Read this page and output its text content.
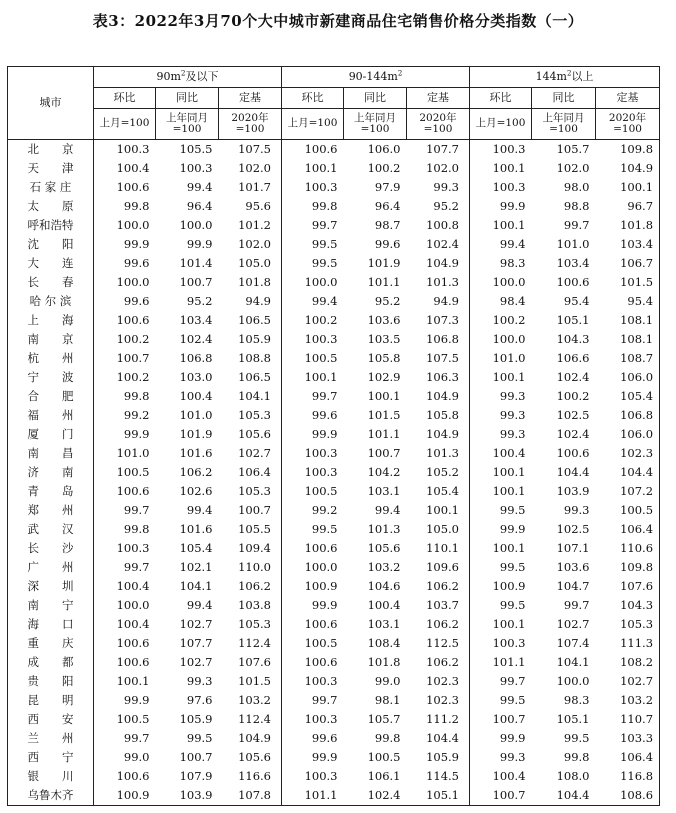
表3：2022年3月70个大中城市新建商品住宅销售价格分类指数（一）
城市	$90m^2$及以下			$90-144m^2$			$144m^2$以上		
	环比	同比	定基	环比	同比	定基	环比	同比	定基
	上月=100	上年同月=100	2020年=100	上月=100	上年同月=100	2020年=100	上月=100	上年同月=100	2020年=100
北　　京	100.3	105.5	107.5	100.6	106.0	107.7	100.3	105.7	109.8
天　　津	100.4	100.3	102.0	100.1	100.2	102.0	100.1	102.0	104.9
石 家 庄	100.6	99.4	101.7	100.3	97.9	99.3	100.3	98.0	100.1
太　　原	99.8	96.4	95.6	99.8	96.4	95.2	99.9	98.8	96.7
呼和浩特	100.0	100.0	101.2	99.7	98.7	100.8	100.1	99.7	101.8
沈　　阳	99.9	99.9	102.0	99.5	99.6	102.4	99.4	101.0	103.4
大　　连	99.6	101.4	105.0	99.5	101.9	104.9	98.3	103.4	106.7
长　　春	100.0	100.7	101.8	100.0	101.1	101.3	100.0	100.6	101.5
哈 尔 滨	99.6	95.2	94.9	99.4	95.2	94.9	98.4	95.4	95.4
上　　海	100.6	103.4	106.5	100.2	103.6	107.3	100.2	105.1	108.1
南　　京	100.2	102.4	105.9	100.3	103.5	106.8	100.0	104.3	108.1
杭　　州	100.7	106.8	108.8	100.5	105.8	107.5	101.0	106.6	108.7
宁　　波	100.2	103.0	106.5	100.1	102.9	106.3	100.1	102.4	106.0
合　　肥	99.8	100.4	104.1	99.7	100.1	104.9	99.3	100.2	105.4
福　　州	99.2	101.0	105.3	99.6	101.5	105.8	99.3	102.5	106.8
厦　　门	99.9	101.9	105.6	99.9	101.1	104.9	99.3	102.4	106.0
南　　昌	101.0	101.6	102.7	100.3	100.7	101.3	100.4	100.6	102.3
济　　南	100.5	106.2	106.4	100.3	104.2	105.2	100.1	104.4	104.4
青　　岛	100.6	102.6	105.3	100.5	103.1	105.4	100.1	103.9	107.2
郑　　州	99.7	99.4	100.7	99.2	99.4	100.1	99.5	99.3	100.5
武　　汉	99.8	101.6	105.5	99.5	101.3	105.0	99.9	102.5	106.4
长　　沙	100.3	105.4	109.4	100.6	105.6	110.1	100.1	107.1	110.6
广　　州	99.7	102.1	110.0	100.0	103.2	109.6	99.5	103.6	109.8
深　　圳	100.4	104.1	106.2	100.9	104.6	106.2	100.9	104.7	107.6
南　　宁	100.0	99.4	103.8	99.9	100.4	103.7	99.5	99.7	104.3
海　　口	100.4	102.7	105.3	100.6	103.1	106.2	100.1	102.7	105.3
重　　庆	100.6	107.7	112.4	100.5	108.4	112.5	100.3	107.4	111.3
成　　都	100.6	102.7	107.6	100.6	101.8	106.2	101.1	104.1	108.2
贵　　阳	100.1	99.3	101.5	100.3	99.0	102.3	99.7	100.0	102.7
昆　　明	99.9	97.6	103.2	99.7	98.1	102.3	99.5	98.3	103.2
西　　安	100.5	105.9	112.4	100.3	105.7	111.2	100.7	105.1	110.7
兰　　州	99.7	99.5	104.9	99.6	99.8	104.4	99.9	99.5	103.3
西　　宁	99.0	100.7	105.6	99.9	100.5	105.9	99.3	99.8	106.4
银　　川	100.6	107.9	116.6	100.3	106.1	114.5	100.4	108.0	116.8
乌鲁木齐	100.9	103.9	107.8	101.1	102.4	105.1	100.7	104.4	108.6
